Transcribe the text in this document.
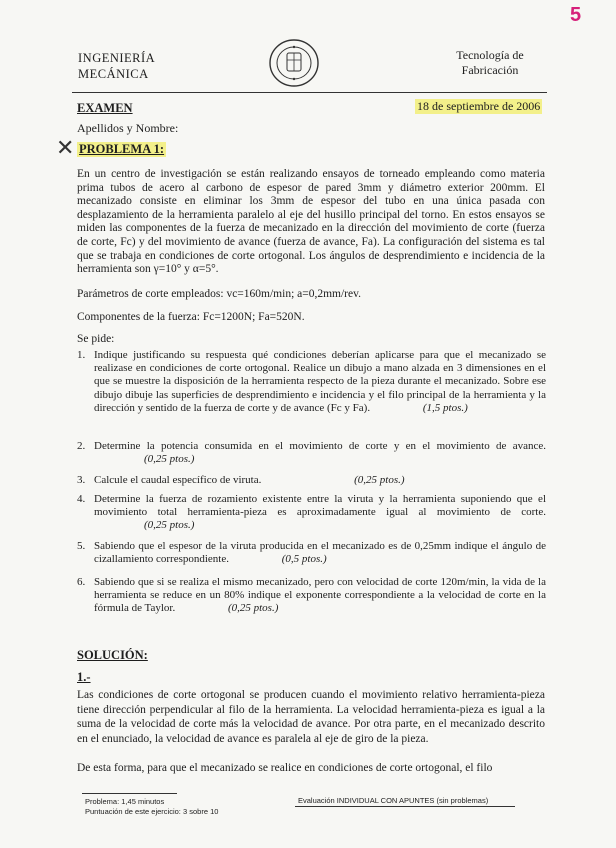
5
INGENIERÍA
MECÁNICA
Tecnología de
Fabricación
EXAMEN	18 de septiembre de 2006
Apellidos y Nombre:
✕ PROBLEMA 1:
En un centro de investigación se están realizando ensayos de torneado empleando como materia prima tubos de acero al carbono de espesor de pared 3mm y diámetro exterior 200mm. El mecanizado consiste en eliminar los 3mm de espesor del tubo en una única pasada con desplazamiento de la herramienta paralelo al eje del husillo principal del torno. En estos ensayos se miden las componentes de la fuerza de mecanizado en la dirección del movimiento de corte (fuerza de corte, Fc) y del movimiento de avance (fuerza de avance, Fa). La configuración del sistema es tal que se trabaja en condiciones de corte ortogonal. Los ángulos de desprendimiento e incidencia de la herramienta son γ=10° y α=5°.
Parámetros de corte empleados: vc=160m/min; a=0,2mm/rev.
Componentes de la fuerza: Fc=1200N; Fa=520N.
Se pide:
1. Indique justificando su respuesta qué condiciones deberían aplicarse para que el mecanizado se realizase en condiciones de corte ortogonal. Realice un dibujo a mano alzada en 3 dimensiones en el que se muestre la disposición de la herramienta respecto de la pieza durante el mecanizado. Sobre ese dibujo dibuje las superficies de desprendimiento e incidencia y el filo principal de la herramienta y la dirección y sentido de la fuerza de corte y de avance (Fc y Fa).	(1,5 ptos.)
2. Determine la potencia consumida en el movimiento de corte y en el movimiento de avance. (0,25 ptos.)
3. Calcule el caudal específico de viruta.	(0,25 ptos.)
4. Determine la fuerza de rozamiento existente entre la viruta y la herramienta suponiendo que el movimiento total herramienta-pieza es aproximadamente igual al movimiento de corte. (0,25 ptos.)
5. Sabiendo que el espesor de la viruta producida en el mecanizado es de 0,25mm indique el ángulo de cizallamiento correspondiente.	(0,5 ptos.)
6. Sabiendo que si se realiza el mismo mecanizado, pero con velocidad de corte 120m/min, la vida de la herramienta se reduce en un 80% indique el exponente correspondiente a la velocidad de corte en la fórmula de Taylor.	(0,25 ptos.)
SOLUCIÓN:
1.-
Las condiciones de corte ortogonal se producen cuando el movimiento relativo herramienta-pieza tiene dirección perpendicular al filo de la herramienta. La velocidad herramienta-pieza es igual a la suma de la velocidad de corte más la velocidad de avance. Por otra parte, en el mecanizado descrito en el enunciado, la velocidad de avance es paralela al eje de giro de la pieza.
De esta forma, para que el mecanizado se realice en condiciones de corte ortogonal, el filo
Problema: 1,45 minutos
Puntuación de este ejercicio: 3 sobre 10
Evaluación INDIVIDUAL CON APUNTES (sin problemas)
